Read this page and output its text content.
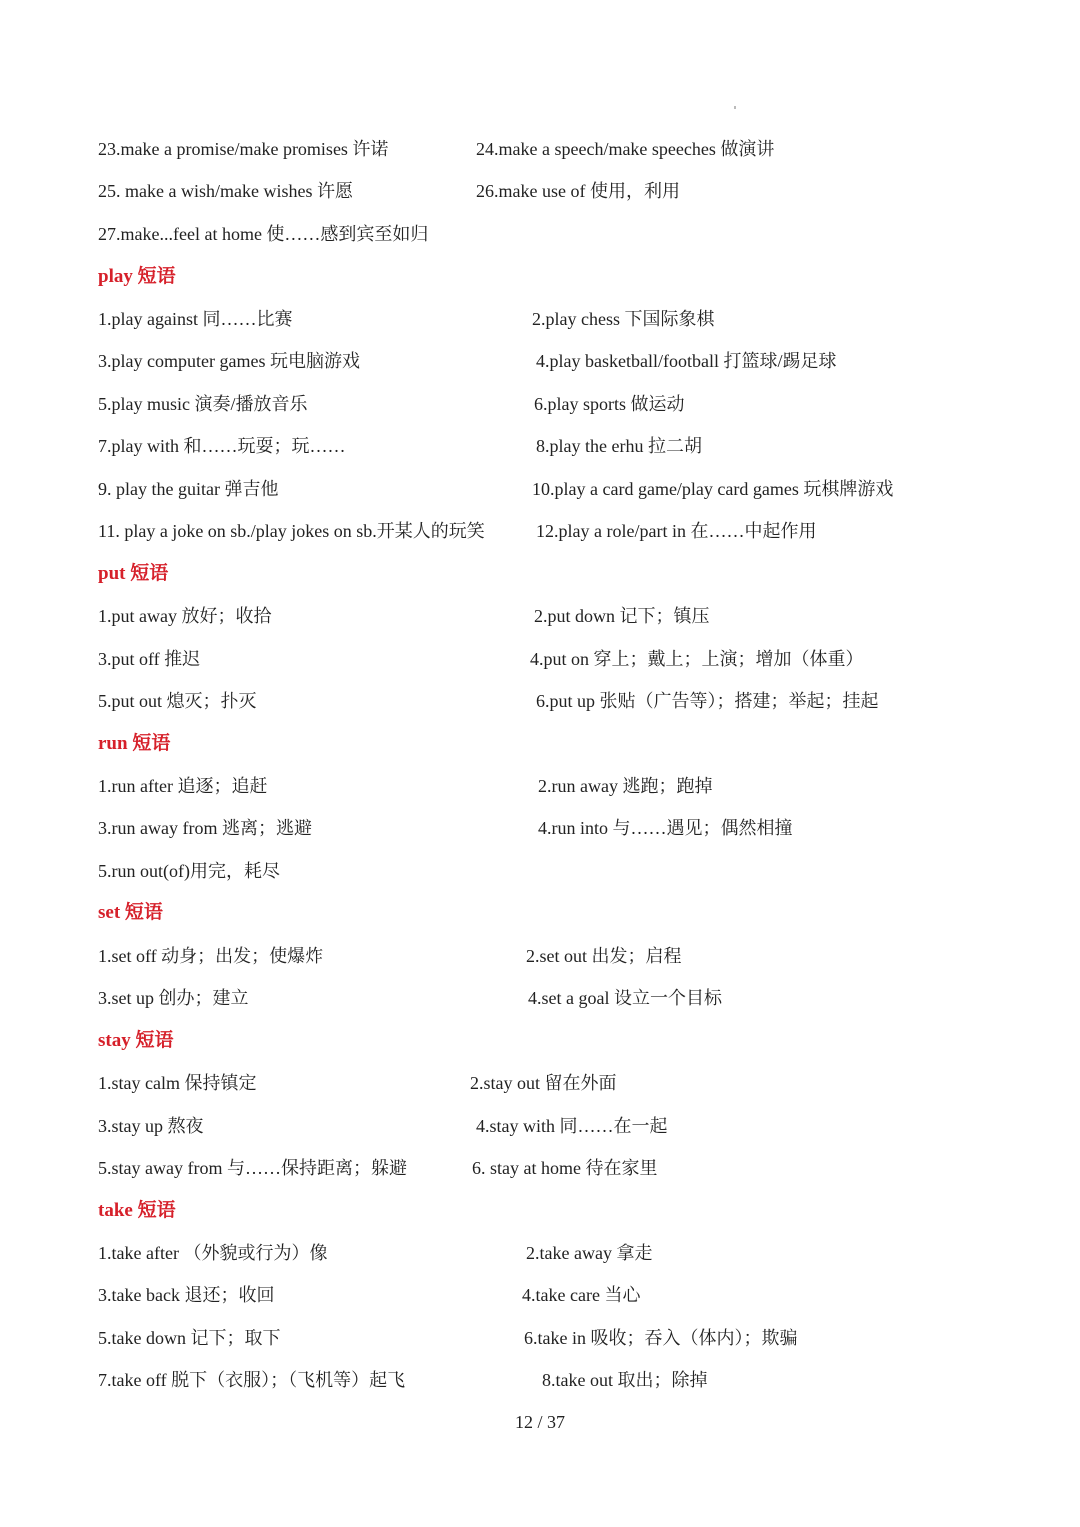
23.make a promise/make promises 许诺	24.make a speech/make speeches 做演讲
25. make a wish/make wishes 许愿	26.make use of 使用，利用
27.make...feel at home 使……感到宾至如归
play 短语
1.play against 同……比赛	2.play chess 下国际象棋
3.play computer games 玩电脑游戏	4.play basketball/football 打篮球/踢足球
5.play music 演奏/播放音乐	6.play sports 做运动
7.play with 和……玩耍；玩……	8.play the erhu 拉二胡
9. play the guitar 弹吉他	10.play a card game/play card games 玩棋牌游戏
11. play a joke on sb./play jokes on sb.开某人的玩笑	12.play a role/part in 在……中起作用
put 短语
1.put away 放好；收拾	2.put down 记下；镇压
3.put off 推迟	4.put on 穿上；戴上；上演；增加（体重）
5.put out 熄灭；扑灭	6.put up 张贴（广告等）；搭建；举起；挂起
run 短语
1.run after 追逐；追赶	2.run away 逃跑；跑掉
3.run away from 逃离；逃避	4.run into 与……遇见；偶然相撞
5.run out(of)用完，耗尽
set 短语
1.set off 动身；出发；使爆炸	2.set out 出发；启程
3.set up 创办；建立	4.set a goal 设立一个目标
stay 短语
1.stay calm 保持镇定	2.stay out 留在外面
3.stay up 熬夜	4.stay with 同……在一起
5.stay away from 与……保持距离；躲避	6. stay at home 待在家里
take 短语
1.take after （外貌或行为）像	2.take away 拿走
3.take back 退还；收回	4.take care 当心
5.take down 记下；取下	6.take in 吸收；吞入（体内）；欺骗
7.take off 脱下（衣服）；（飞机等）起飞	8.take out 取出；除掉
12 / 37
